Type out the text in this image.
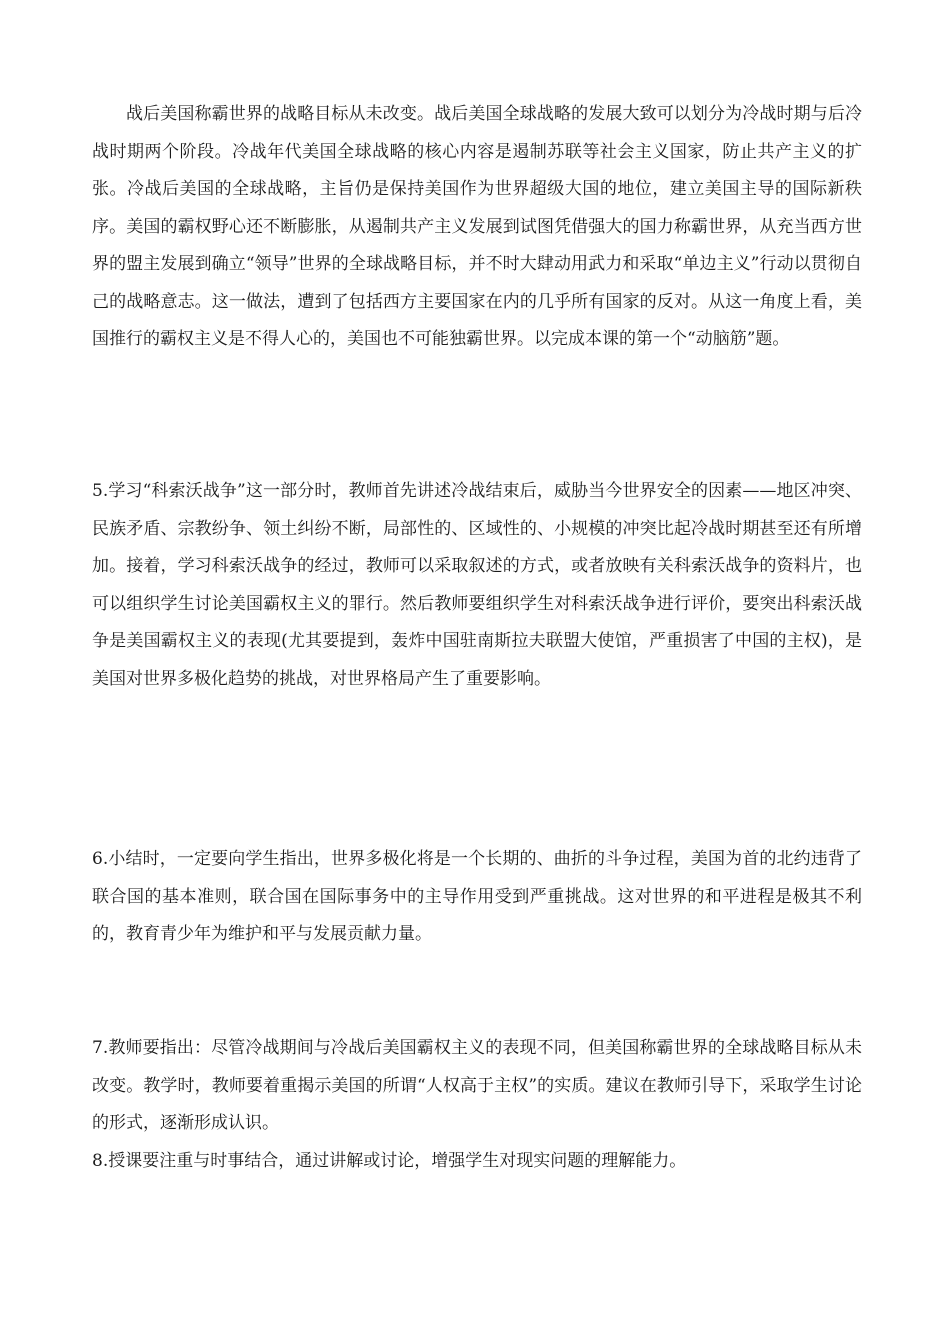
战后美国称霸世界的战略目标从未改变。战后美国全球战略的发展大致可以划分为冷战时期与后冷战时期两个阶段。冷战年代美国全球战略的核心内容是遏制苏联等社会主义国家，防止共产主义的扩张。冷战后美国的全球战略，主旨仍是保持美国作为世界超级大国的地位，建立美国主导的国际新秩序。美国的霸权野心还不断膨胀，从遏制共产主义发展到试图凭借强大的国力称霸世界，从充当西方世界的盟主发展到确立“领导”世界的全球战略目标，并不时大肆动用武力和采取“单边主义”行动以贯彻自己的战略意志。这一做法，遭到了包括西方主要国家在内的几乎所有国家的反对。从这一角度上看，美国推行的霸权主义是不得人心的，美国也不可能独霸世界。以完成本课的第一个“动脑筋”题。

5.学习“科索沃战争”这一部分时，教师首先讲述冷战结束后，威胁当今世界安全的因素——地区冲突、民族矛盾、宗教纷争、领土纠纷不断，局部性的、区域性的、小规模的冲突比起冷战时期甚至还有所增加。接着，学习科索沃战争的经过，教师可以采取叙述的方式，或者放映有关科索沃战争的资料片，也可以组织学生讨论美国霸权主义的罪行。然后教师要组织学生对科索沃战争进行评价，要突出科索沃战争是美国霸权主义的表现(尤其要提到，轰炸中国驻南斯拉夫联盟大使馆，严重损害了中国的主权)，是美国对世界多极化趋势的挑战，对世界格局产生了重要影响。

6.小结时，一定要向学生指出，世界多极化将是一个长期的、曲折的斗争过程，美国为首的北约违背了联合国的基本准则，联合国在国际事务中的主导作用受到严重挑战。这对世界的和平进程是极其不利的，教育青少年为维护和平与发展贡献力量。

7.教师要指出：尽管冷战期间与冷战后美国霸权主义的表现不同，但美国称霸世界的全球战略目标从未改变。教学时，教师要着重揭示美国的所谓“人权高于主权”的实质。建议在教师引导下，采取学生讨论的形式，逐渐形成认识。

8.授课要注重与时事结合，通过讲解或讨论，增强学生对现实问题的理解能力。
